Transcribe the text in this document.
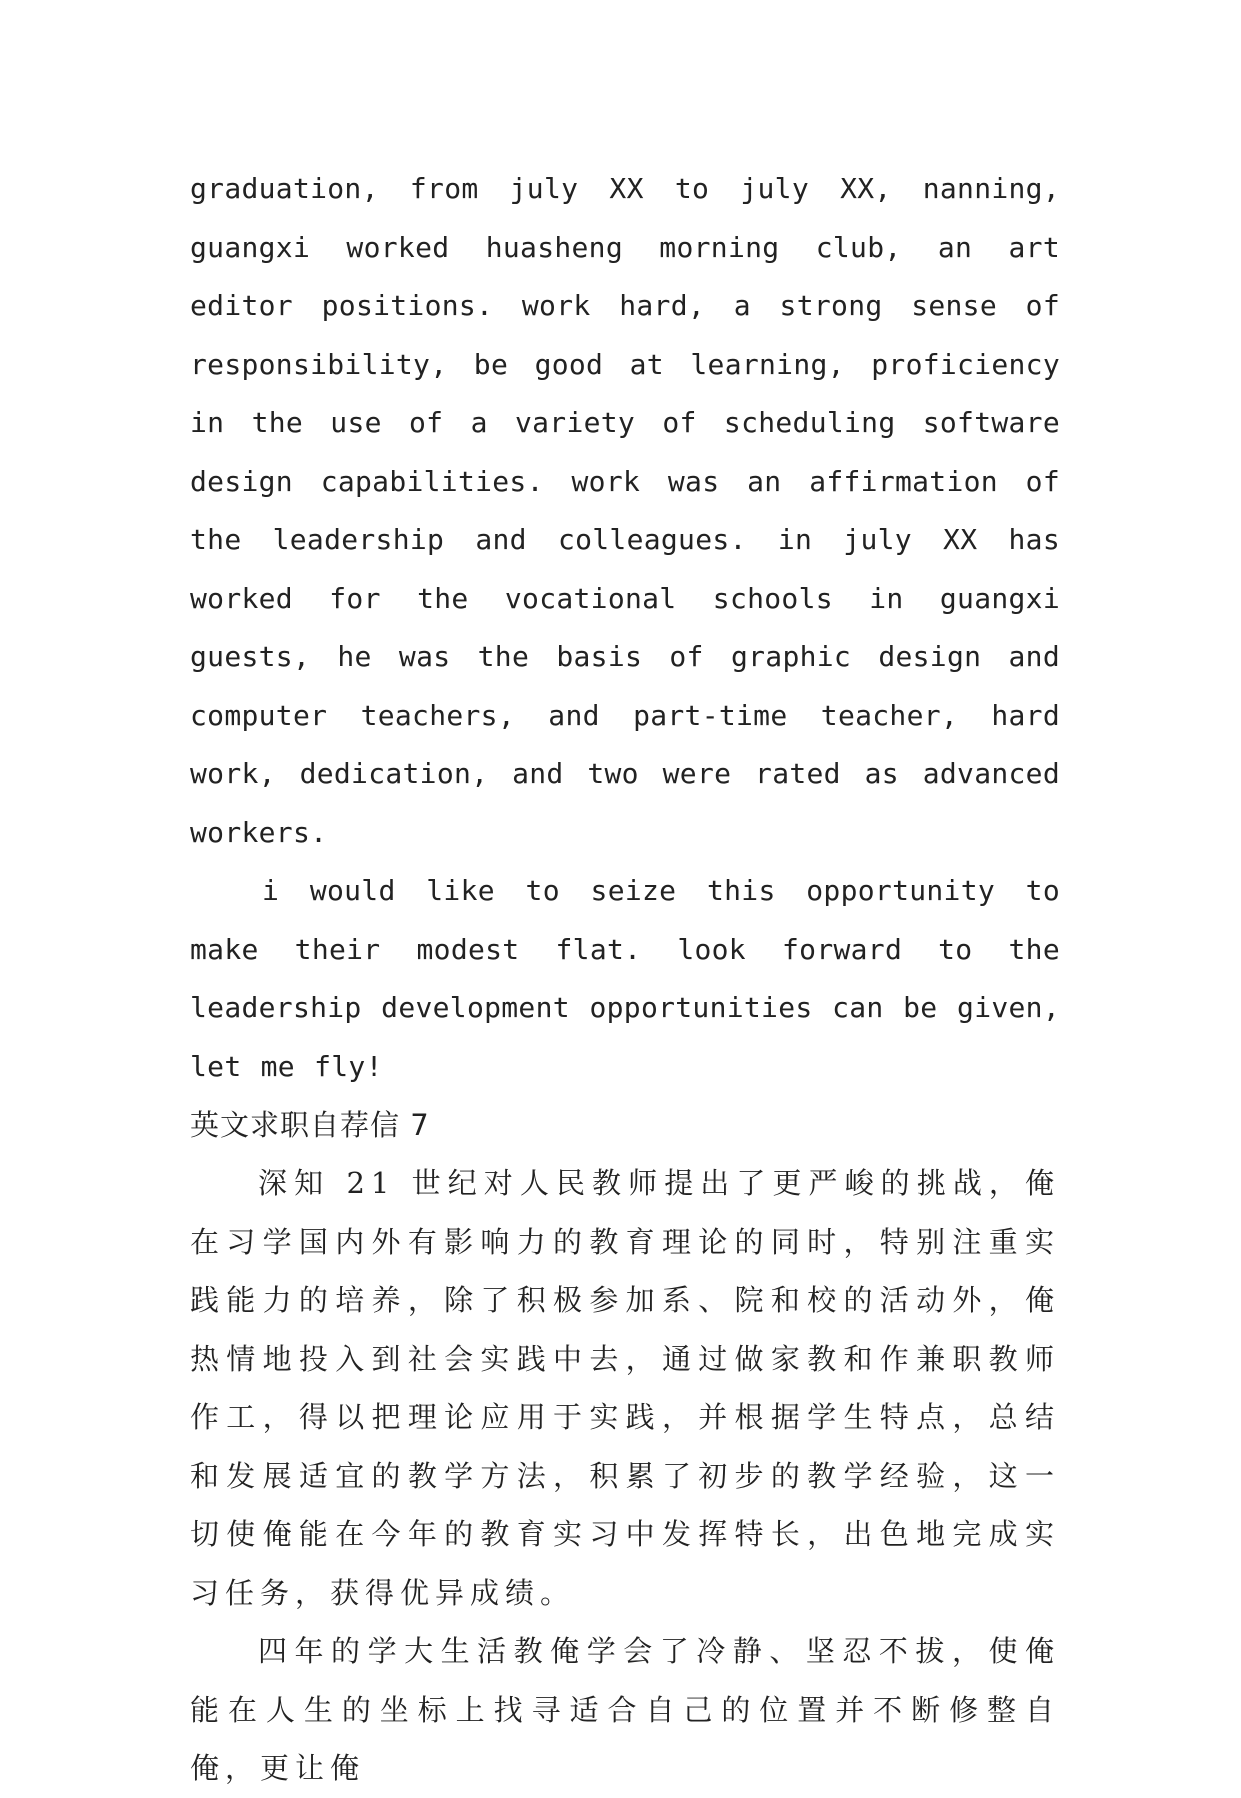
graduation, from july XX to july XX, nanning, guangxi worked huasheng morning club, an art editor positions. work hard, a strong sense of responsibility, be good at learning, proficiency in the use of a variety of scheduling software design capabilities. work was an affirmation of the leadership and colleagues. in july XX has worked for the vocational schools in guangxi guests, he was the basis of graphic design and computer teachers, and part-time teacher, hard work, dedication, and two were rated as advanced workers.

i would like to seize this opportunity to make their modest flat. look forward to the leadership development opportunities can be given, let me fly!

英文求职自荐信 7

深知 21 世纪对人民教师提出了更严峻的挑战，俺在习学国内外有影响力的教育理论的同时，特别注重实践能力的培养，除了积极参加系、院和校的活动外，俺热情地投入到社会实践中去，通过做家教和作兼职教师作工，得以把理论应用于实践，并根据学生特点，总结和发展适宜的教学方法，积累了初步的教学经验，这一切使俺能在今年的教育实习中发挥特长，出色地完成实习任务，获得优异成绩。

四年的学大生活教俺学会了冷静、坚忍不拔，使俺能在人生的坐标上找寻适合自己的位置并不断修整自俺，更让俺
